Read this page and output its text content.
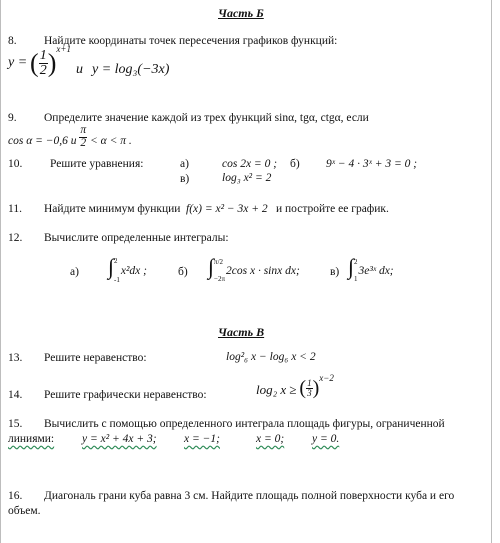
Часть Б
8. Найдите координаты точек пересечения графиков функций:
y = ( $\frac{1}{2} )^{x+1}$
и y = log₃(−3x)
9. Определите значение каждой из трех функций sinα, tgα, ctgα, если
cos α = −0,6 и $\frac{\pi}{2} < \alpha < \pi$ .
10. Решите уравнения:	а)	cos 2x = 0 ; б) 9ˣ − 4 · 3ˣ + 3 = 0 ;
в)	log₃ x² = 2
11. Найдите минимум функции f(x) = x² − 3x + 2 и постройте ее график.
12. Вычислите определенные интегралы:
а) ∫ 2
-1
x²dx ;	б) ∫ π/2
−2π
2cos x · sinx dx;	в) ∫ 2
1
3e³ˣ dx;
Часть В
13. Решите неравенство:	log²₆ x − log₆ x < 2
14. Решите графически неравенство:	log₂ x ≥ ( $\frac{1}{3} )^{x-2}$
15. Вычислить с помощью определенного интеграла площадь фигуры, ограниченной
линиями: y = x² + 4x + 3; x = −1;	x = 0; y = 0.
16. Диагональ грани куба равна 3 см. Найдите площадь полной поверхности куба и его
объем.
